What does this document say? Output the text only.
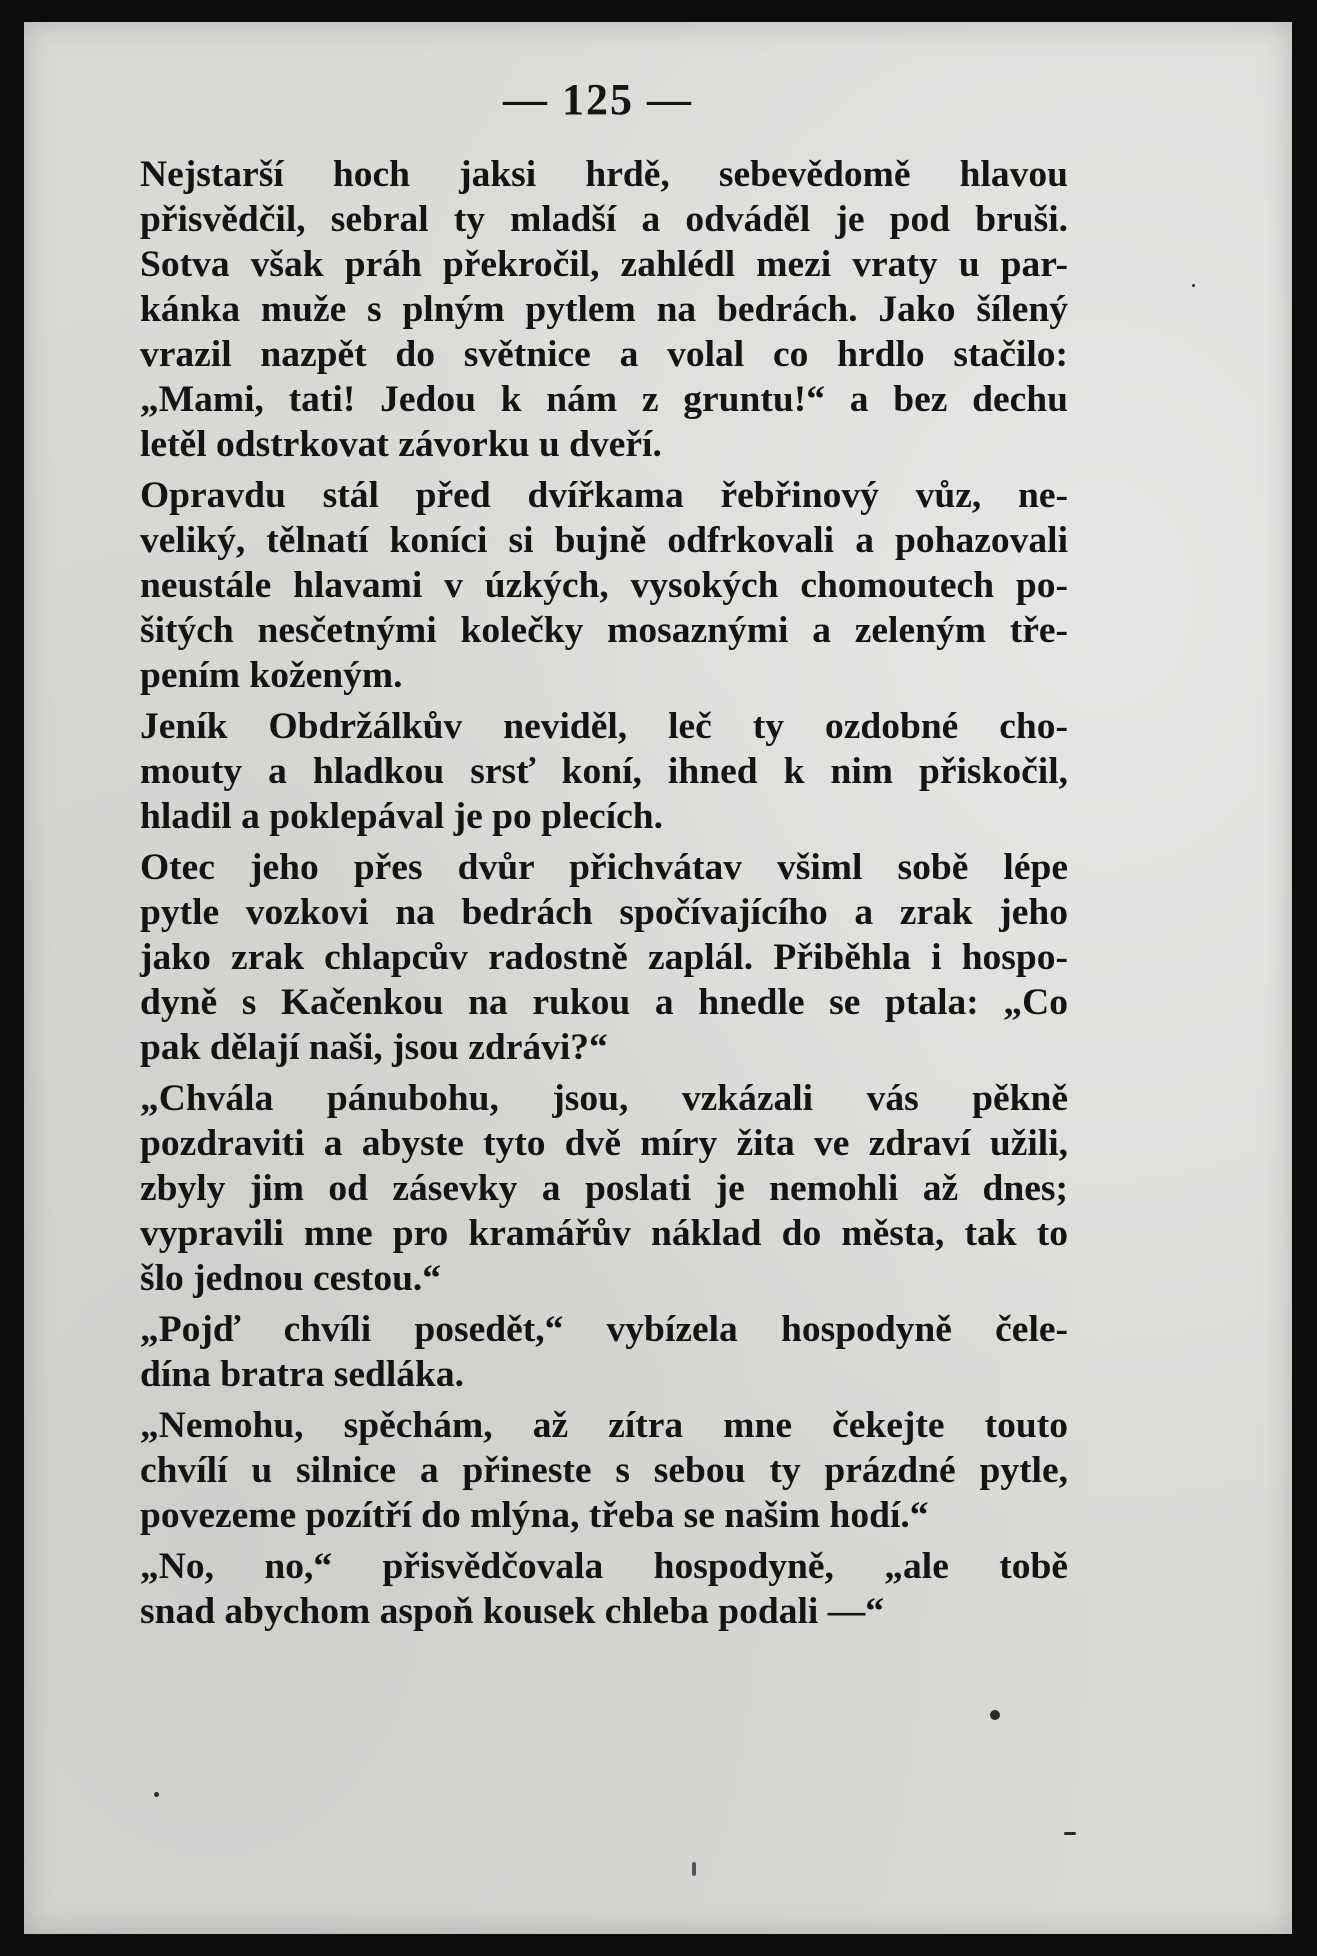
— 125 —

Nejstarší hoch jaksi hrdě, sebevědomě hlavou
přisvědčil, sebral ty mladší a odváděl je pod bruši.
Sotva však práh překročil, zahlédl mezi vraty u par-
kánka muže s plným pytlem na bedrách. Jako šílený
vrazil nazpět do světnice a volal co hrdlo stačilo:
„Mami, tati! Jedou k nám z gruntu!“ a bez dechu
letěl odstrkovat závorku u dveří.

Opravdu stál před dvířkama řebřinový vůz, ne-
veliký, tělnatí koníci si bujně odfrkovali a pohazovali
neustále hlavami v úzkých, vysokých chomoutech po-
šitých nesčetnými kolečky mosaznými a zeleným tře-
pením koženým.

Jeník Obdržálkův neviděl, leč ty ozdobné cho-
mouty a hladkou srsť koní, ihned k nim přiskočil,
hladil a poklepával je po plecích.

Otec jeho přes dvůr přichvátav všiml sobě lépe
pytle vozkovi na bedrách spočívajícího a zrak jeho
jako zrak chlapcův radostně zaplál. Přiběhla i hospo-
dyně s Kačenkou na rukou a hnedle se ptala: „Co
pak dělají naši, jsou zdrávi?“

„Chvála pánubohu, jsou, vzkázali vás pěkně
pozdraviti a abyste tyto dvě míry žita ve zdraví užili,
zbyly jim od zásevky a poslati je nemohli až dnes;
vypravili mne pro kramářův náklad do města, tak to
šlo jednou cestou.“

„Pojď chvíli posedět,“ vybízela hospodyně čele-
dína bratra sedláka.

„Nemohu, spěchám, až zítra mne čekejte touto
chvílí u silnice a přineste s sebou ty prázdné pytle,
povezeme pozítří do mlýna, třeba se našim hodí.“

„No, no,“ přisvědčovala hospodyně, „ale tobě
snad abychom aspoň kousek chleba podali —“
